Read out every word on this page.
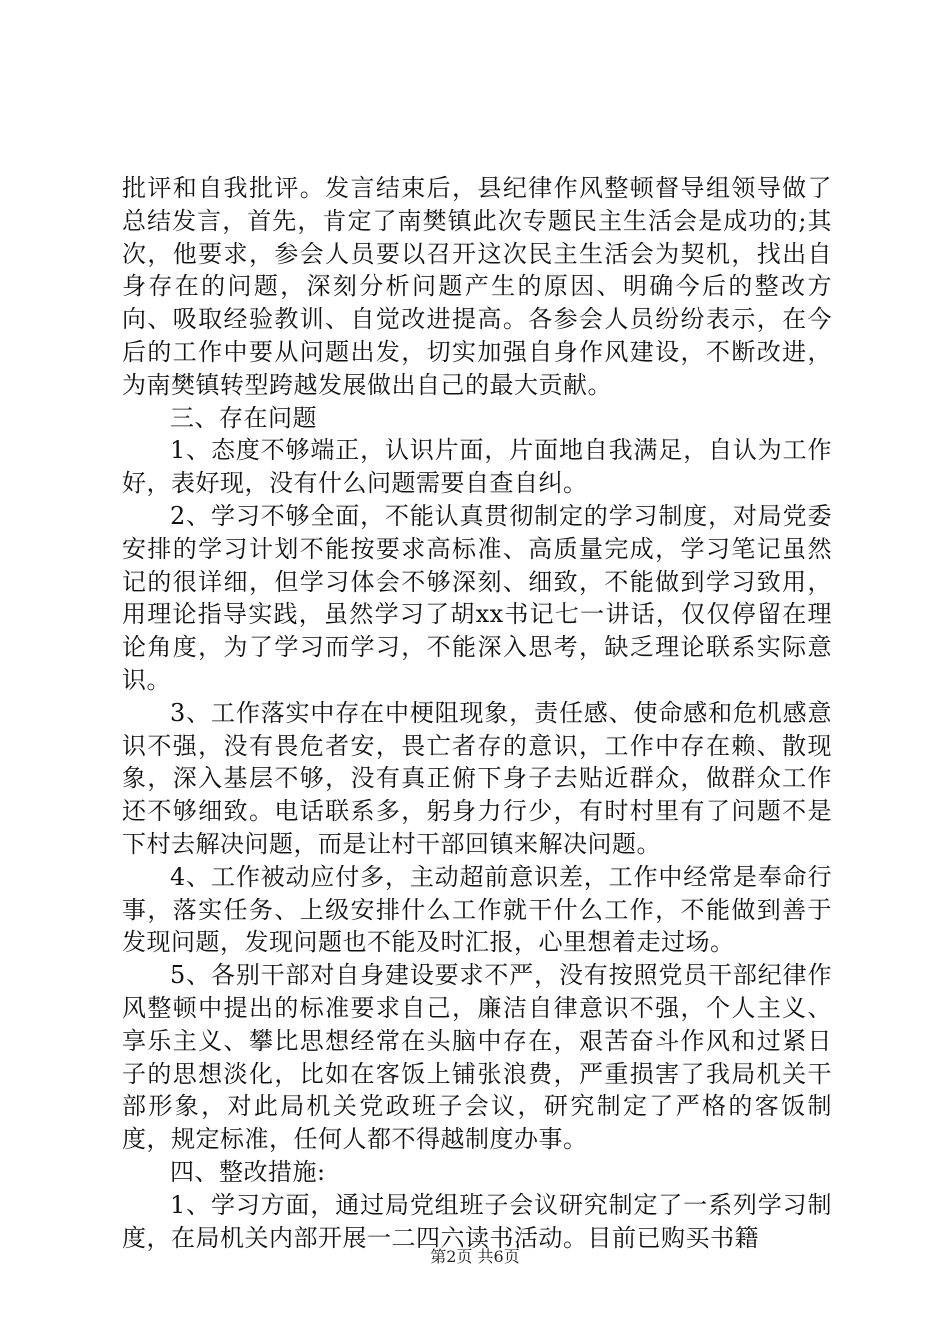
批评和自我批评。发言结束后，县纪律作风整顿督导组领导做了总结发言，首先，肯定了南樊镇此次专题民主生活会是成功的;其次，他要求，参会人员要以召开这次民主生活会为契机，找出自身存在的问题，深刻分析问题产生的原因、明确今后的整改方向、吸取经验教训、自觉改进提高。各参会人员纷纷表示，在今后的工作中要从问题出发，切实加强自身作风建设，不断改进，为南樊镇转型跨越发展做出自己的最大贡献。

三、存在问题

1、态度不够端正，认识片面，片面地自我满足，自认为工作好，表好现，没有什么问题需要自查自纠。

2、学习不够全面，不能认真贯彻制定的学习制度，对局党委安排的学习计划不能按要求高标准、高质量完成，学习笔记虽然记的很详细，但学习体会不够深刻、细致，不能做到学习致用，用理论指导实践，虽然学习了胡xx书记七一讲话，仅仅停留在理论角度，为了学习而学习，不能深入思考，缺乏理论联系实际意识。

3、工作落实中存在中梗阻现象，责任感、使命感和危机感意识不强，没有畏危者安，畏亡者存的意识，工作中存在赖、散现象，深入基层不够，没有真正俯下身子去贴近群众，做群众工作还不够细致。电话联系多，躬身力行少，有时村里有了问题不是下村去解决问题，而是让村干部回镇来解决问题。

4、工作被动应付多，主动超前意识差，工作中经常是奉命行事，落实任务、上级安排什么工作就干什么工作，不能做到善于发现问题，发现问题也不能及时汇报，心里想着走过场。

5、各别干部对自身建设要求不严，没有按照党员干部纪律作风整顿中提出的标准要求自己，廉洁自律意识不强，个人主义、享乐主义、攀比思想经常在头脑中存在，艰苦奋斗作风和过紧日子的思想淡化，比如在客饭上铺张浪费，严重损害了我局机关干部形象，对此局机关党政班子会议，研究制定了严格的客饭制度，规定标准，任何人都不得越制度办事。

四、整改措施:

1、学习方面，通过局党组班子会议研究制定了一系列学习制度，在局机关内部开展一二四六读书活动。目前已购买书籍

第2页 共6页
